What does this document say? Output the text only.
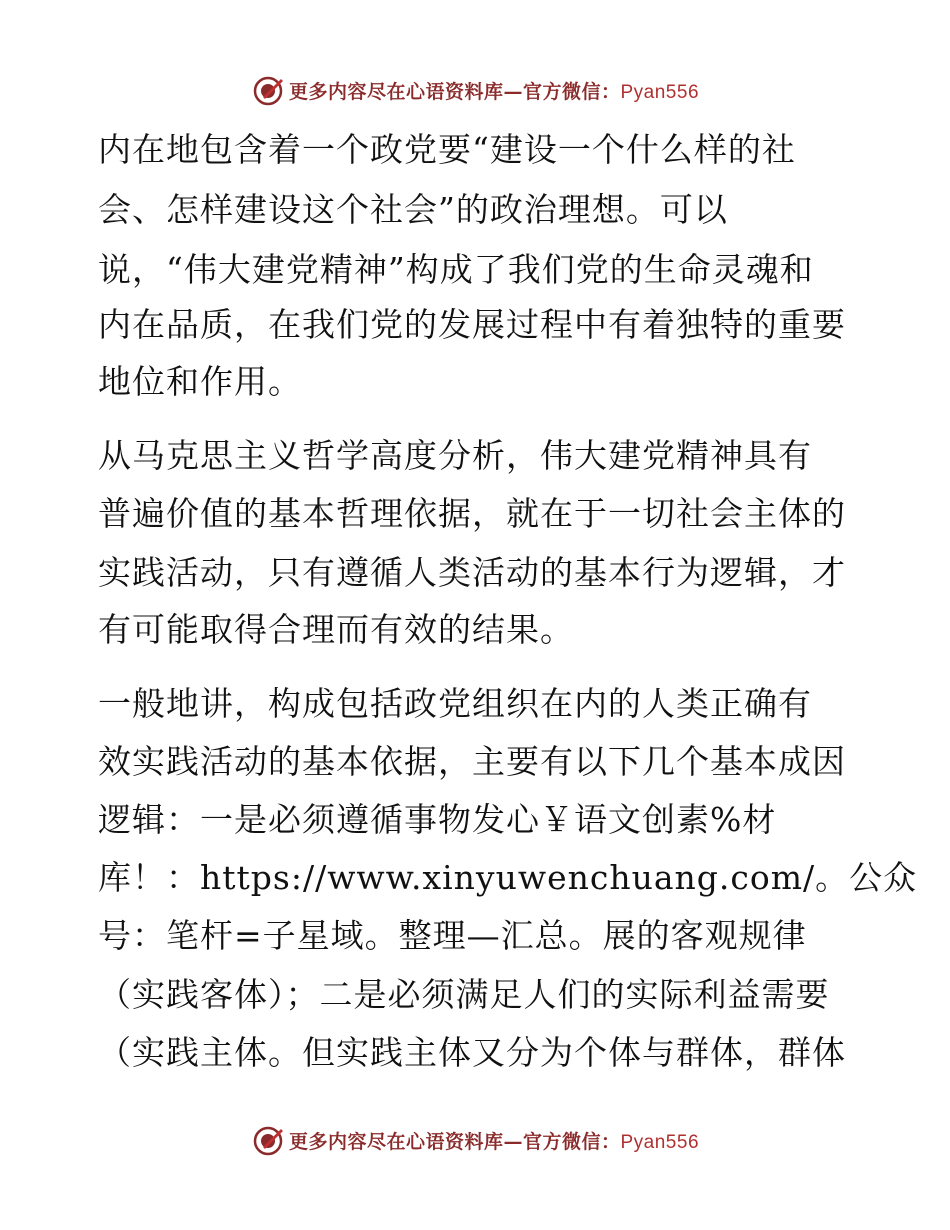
更多内容尽在心语资料库—官方微信：Pyan556
内在地包含着一个政党要“建设一个什么样的社
会、怎样建设这个社会”的政治理想。可以
说，“伟大建党精神”构成了我们党的生命灵魂和
内在品质，在我们党的发展过程中有着独特的重要
地位和作用。
从马克思主义哲学高度分析，伟大建党精神具有
普遍价值的基本哲理依据，就在于一切社会主体的
实践活动，只有遵循人类活动的基本行为逻辑，才
有可能取得合理而有效的结果。
一般地讲，构成包括政党组织在内的人类正确有
效实践活动的基本依据，主要有以下几个基本成因
逻辑：一是必须遵循事物发心￥语文创素%材
库！：https://www.xinyuwenchuang.com/。公众
号：笔杆=子星域。整理—汇总。展的客观规律
（实践客体）；二是必须满足人们的实际利益需要
（实践主体。但实践主体又分为个体与群体，群体
更多内容尽在心语资料库—官方微信：Pyan556
